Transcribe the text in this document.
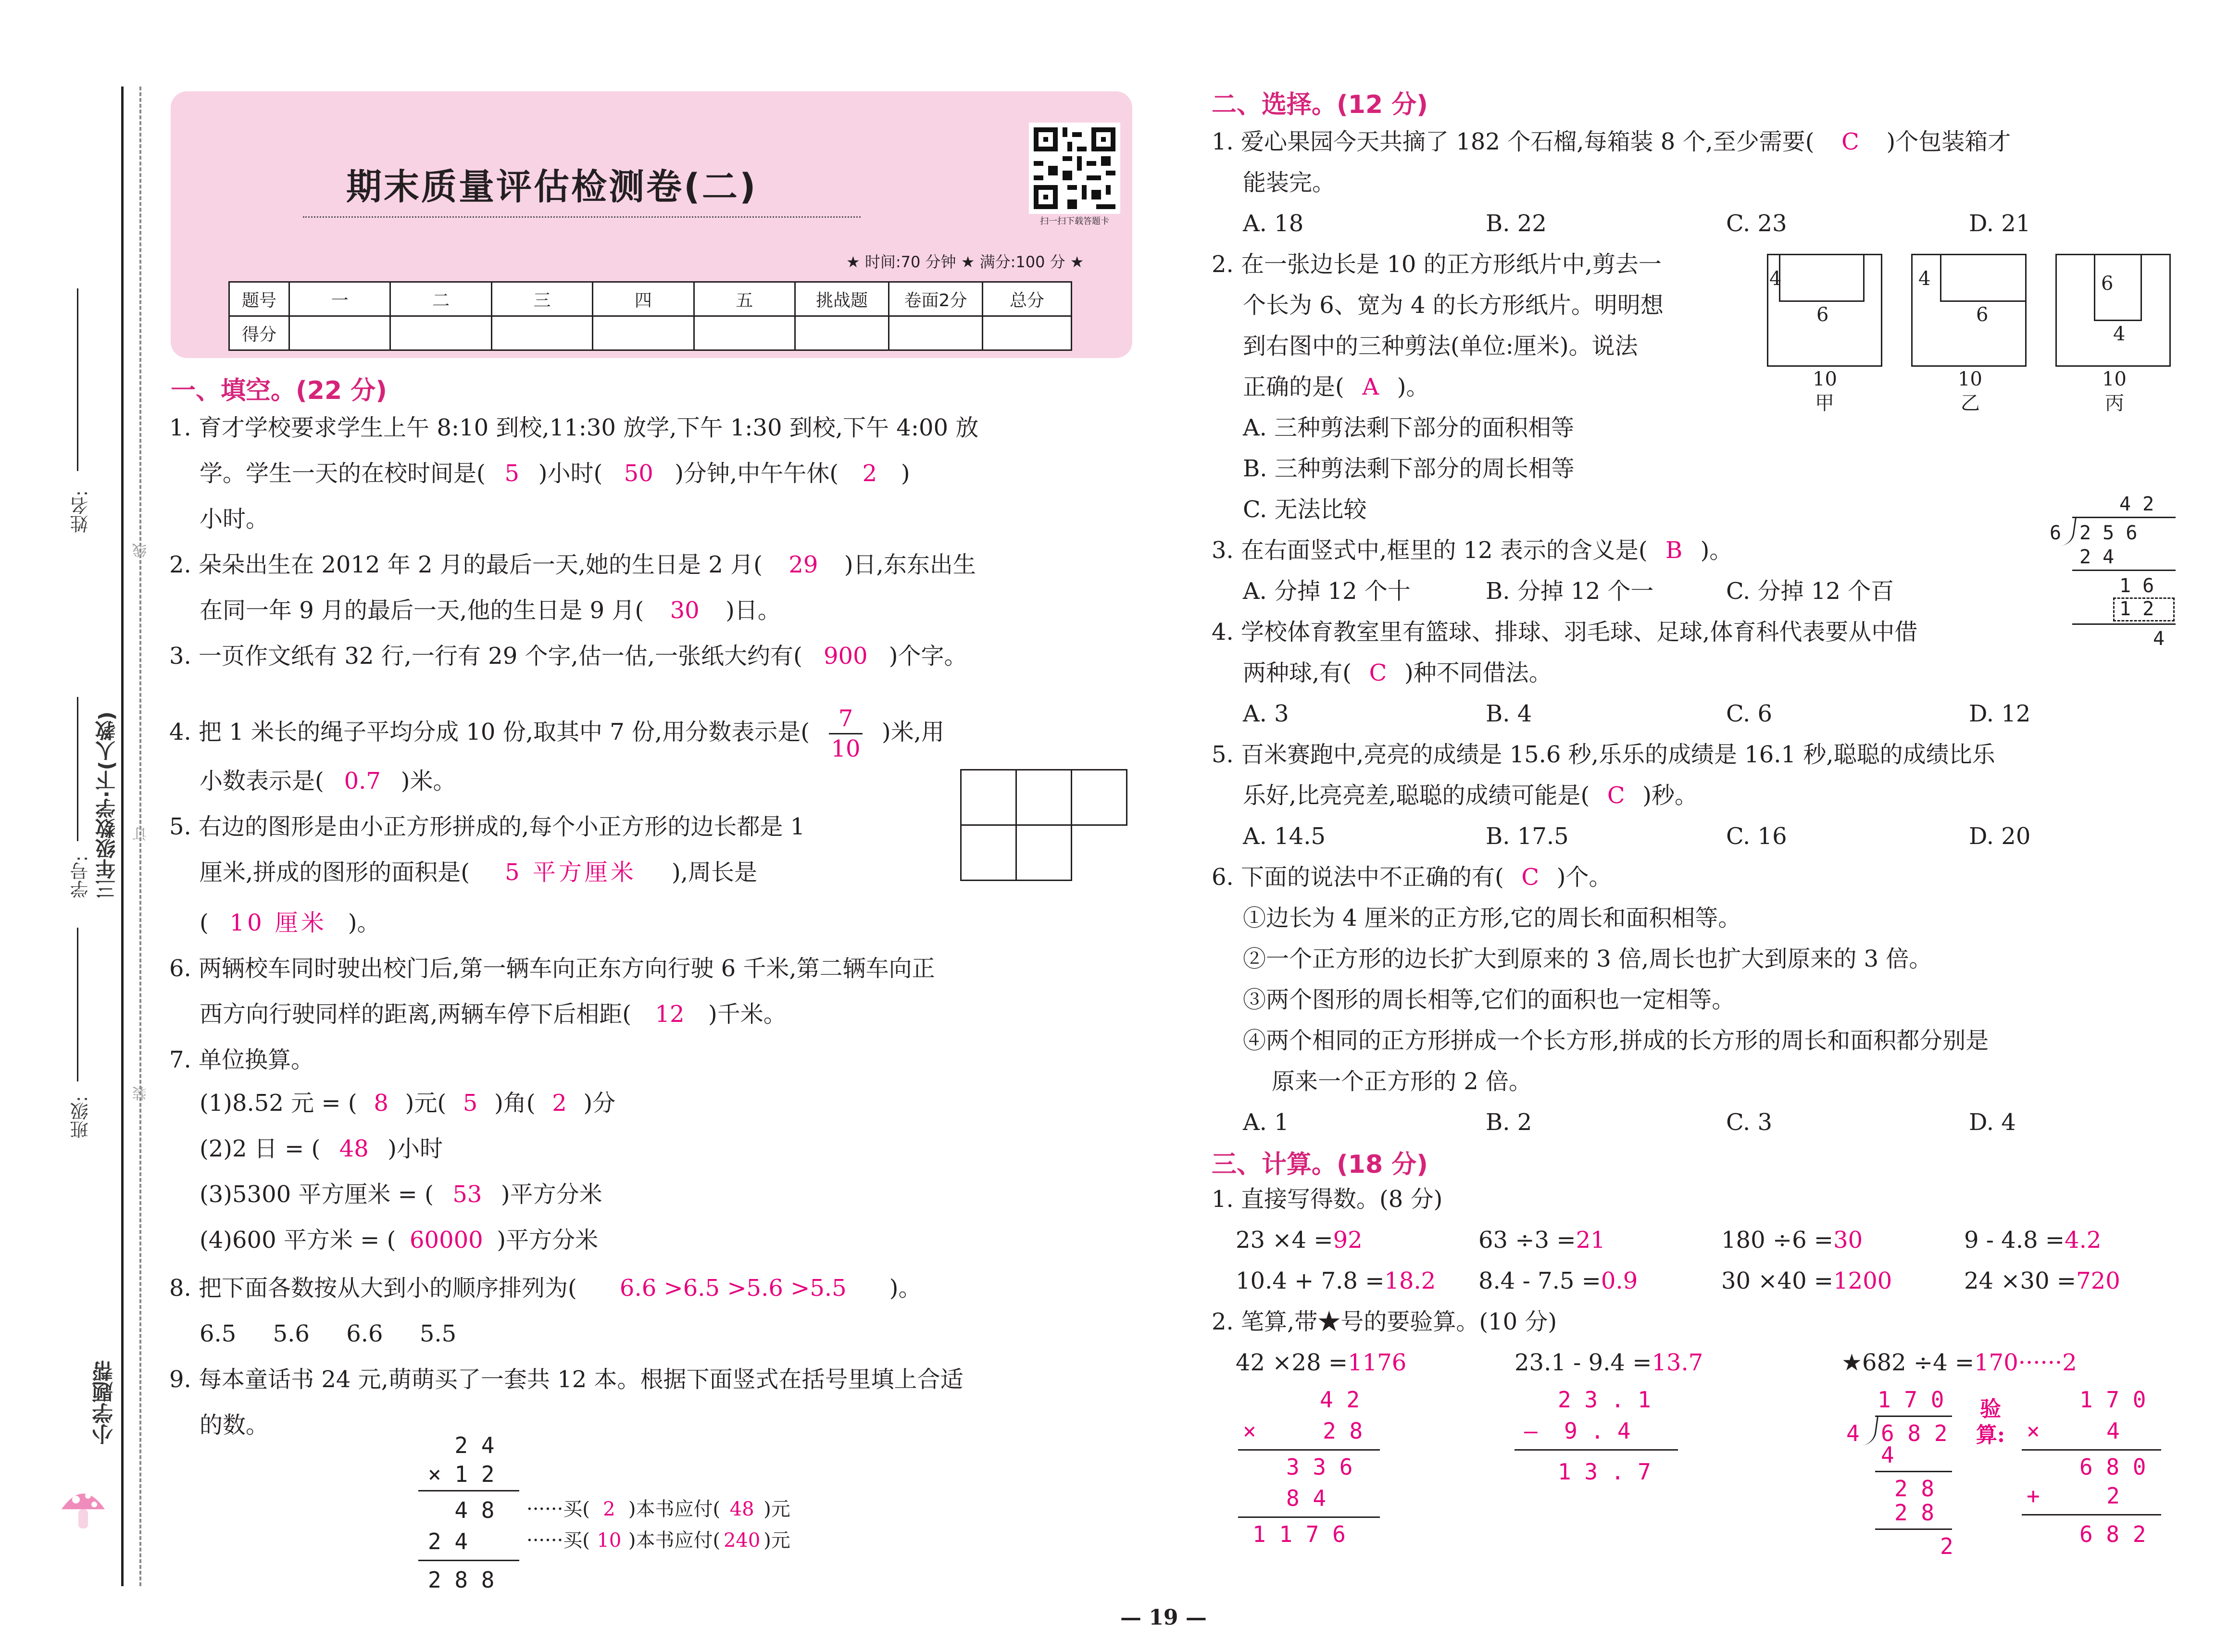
姓名:
学号: 三年级数学·下(人教)
班级:
线
订
装
小学题帮
期末质量评估检测卷(二)
扫一扫下载答题卡
★ 时间:70 分钟 ★ 满分:100 分 ★
题号	一	二	三	四	五	挑战题	卷面2分	总分
得分								
一、填空。(22 分)
1. 育才学校要求学生上午 8:10 到校,11:30 放学,下午 1:30 到校,下午 4:00 放
学。学生一天的在校时间是( 5 )小时( 50 )分钟,中午午休( 2 )
小时。
2. 朵朵出生在 2012 年 2 月的最后一天,她的生日是 2 月( 29 )日,东东出生
在同一年 9 月的最后一天,他的生日是 9 月( 30 )日。
3. 一页作文纸有 32 行,一行有 29 个字,估一估,一张纸大约有( 900 )个字。
4. 把 1 米长的绳子平均分成 10 份,取其中 7 份,用分数表示是( $\frac{7}{10}$ )米,用
小数表示是( 0.7 )米。
5. 右边的图形是由小正方形拼成的,每个小正方形的边长都是 1
厘米,拼成的图形的面积是( 5 平方厘米 ),周长是
( 10 厘米 )。
6. 两辆校车同时驶出校门后,第一辆车向正东方向行驶 6 千米,第二辆车向正
西方向行驶同样的距离,两辆车停下后相距( 12 )千米。
7. 单位换算。
(1)8.52 元 = ( 8 )元( 5 )角( 2 )分
(2)2 日 = ( 48 )小时
(3)5300 平方厘米 = ( 53 )平方分米
(4)600 平方米 = ( 60000 )平方分米
8. 把下面各数按从大到小的顺序排列为( 6.6 >6.5 >5.6 >5.5 )。
6.5     5.6     6.6     5.5
9. 每本童话书 24 元,萌萌买了一套共 12 本。根据下面竖式在括号里填上合适
的数。
2 4
× 1 2
4 8
2 4
2 8 8
······买( 2 )本书应付( 48 )元
······买( 10 )本书应付( 240 )元
二、选择。(12 分)
1. 爱心果园今天共摘了 182 个石榴,每箱装 8 个,至少需要( C )个包装箱才
能装完。
A. 18	B. 22	C. 23	D. 21
2. 在一张边长是 10 的正方形纸片中,剪去一
个长为 6、宽为 4 的长方形纸片。明明想
到右图中的三种剪法(单位:厘米)。说法
正确的是( A )。
A. 三种剪法剩下部分的面积相等
B. 三种剪法剩下部分的周长相等
C. 无法比较
4
6
10
甲
4
6
10
乙
6
4
10
丙
3. 在右面竖式中,框里的 12 表示的含义是( B )。
A. 分掉 12 个十	B. 分掉 12 个一	C. 分掉 12 个百
4 2
6 2 5 6
2 4
1 6
1 2
4
4. 学校体育教室里有篮球、排球、羽毛球、足球,体育科代表要从中借
两种球,有( C )种不同借法。
A. 3	B. 4	C. 6	D. 12
5. 百米赛跑中,亮亮的成绩是 15.6 秒,乐乐的成绩是 16.1 秒,聪聪的成绩比乐
乐好,比亮亮差,聪聪的成绩可能是( C )秒。
A. 14.5	B. 17.5	C. 16	D. 20
6. 下面的说法中不正确的有( C )个。
①边长为 4 厘米的正方形,它的周长和面积相等。
②一个正方形的边长扩大到原来的 3 倍,周长也扩大到原来的 3 倍。
③两个图形的周长相等,它们的面积也一定相等。
④两个相同的正方形拼成一个长方形,拼成的长方形的周长和面积都分别是
原来一个正方形的 2 倍。
A. 1	B. 2	C. 3	D. 4
三、计算。(18 分)
1. 直接写得数。(8 分)
23 ×4 =92	63 ÷3 =21	180 ÷6 =30	9 - 4.8 =4.2
10.4 + 7.8 =18.2 8.4 - 7.5 =0.9	30 ×40 =1200	24 ×30 =720
2. 笔算,带★号的要验算。(10 分)
42 ×28 =1176	23.1 - 9.4 =13.7	★682 ÷4 =170······2
4 2
×     2 8
3 3 6
8 4
1 1 7 6
2 3 . 1
—  9 . 4
1 3 . 7
1 7 0
4 6 8 2
4
2 8
2 8
2
验算:
1 7 0
×     4
6 8 0
+     2
6 8 2
— 19 —
